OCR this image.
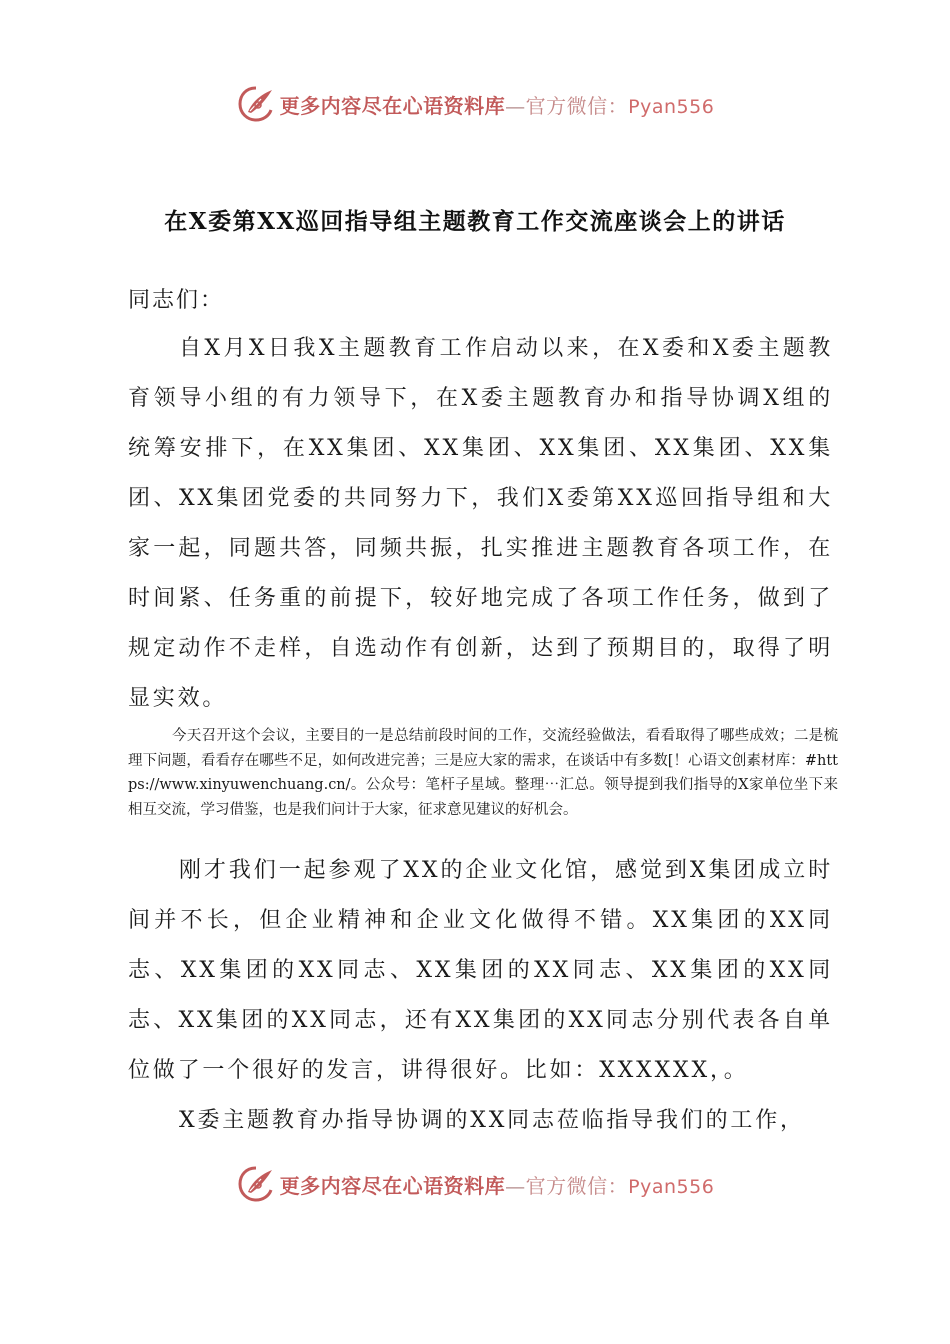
更多内容尽在心语资料库—官方微信：Pyan556
在X委第XX巡回指导组主题教育工作交流座谈会上的讲话
同志们：

自X月X日我X主题教育工作启动以来，在X委和X委主题教育领导小组的有力领导下，在X委主题教育办和指导协调X组的统筹安排下，在XX集团、XX集团、XX集团、XX集团、XX集团、XX集团党委的共同努力下，我们X委第XX巡回指导组和大家一起，同题共答，同频共振，扎实推进主题教育各项工作，在时间紧、任务重的前提下，较好地完成了各项工作任务，做到了规定动作不走样，自选动作有创新，达到了预期目的，取得了明显实效。

今天召开这个会议，主要目的一是总结前段时间的工作，交流经验做法，看看取得了哪些成效；二是梳理下问题，看看存在哪些不足，如何改进完善；三是应大家的需求，在谈话中有多数[！心语文创素材库：#https://www.xinyuwenchuang.cn/。公众号：笔杆子星域。整理⋯汇总。领导提到我们指导的X家单位坐下来相互交流，学习借鉴，也是我们问计于大家，征求意见建议的好机会。

刚才我们一起参观了XX的企业文化馆，感觉到X集团成立时间并不长，但企业精神和企业文化做得不错。XX集团的XX同志、XX集团的XX同志、XX集团的XX同志、XX集团的XX同志、XX集团的XX同志，还有XX集团的XX同志分别代表各自单位做了一个很好的发言，讲得很好。比如：XXXXXX，。

X委主题教育办指导协调的XX同志莅临指导我们的工作，

更多内容尽在心语资料库—官方微信：Pyan556
